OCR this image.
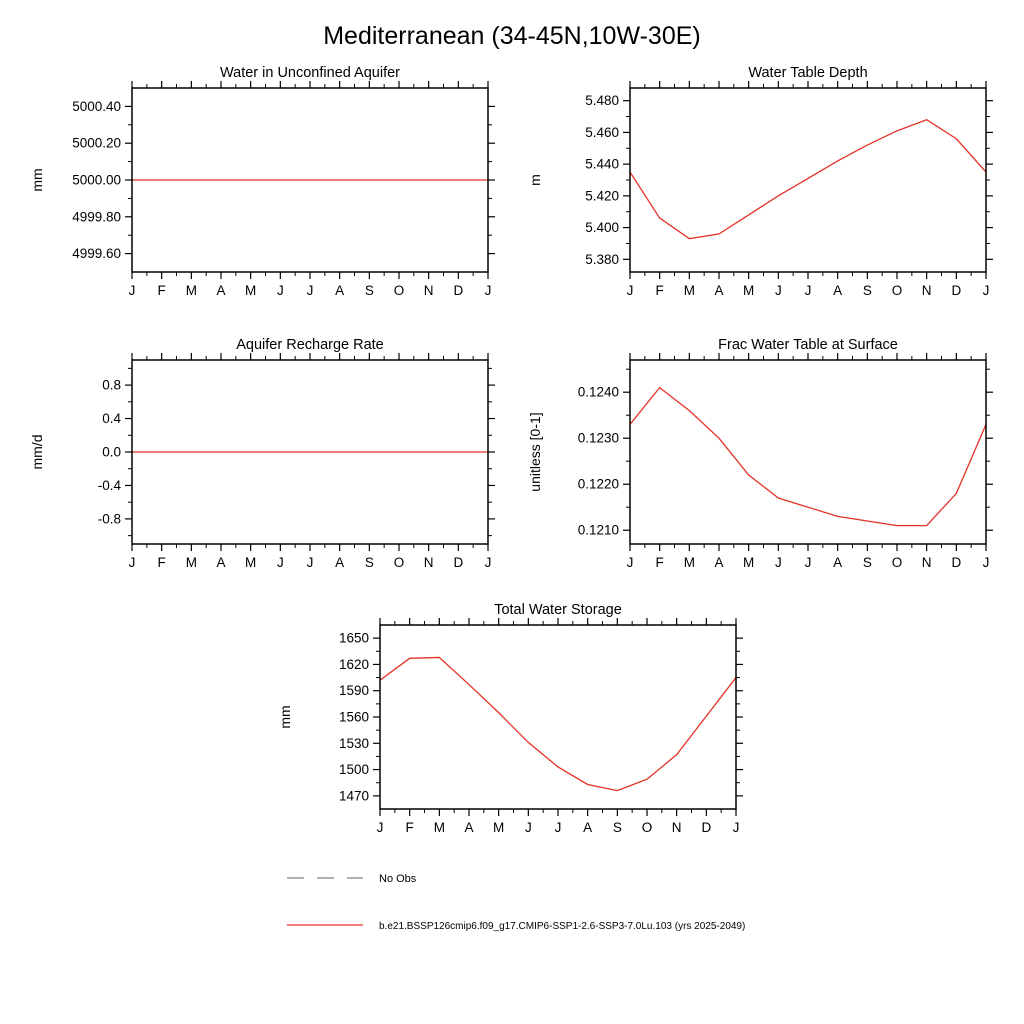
Mediterranean (34-45N,10W-30E)
Water in Unconfined Aquifer
mm
J F M A M J J A S O N D J
4999.60
4999.80
5000.00
5000.20
5000.40
Water Table Depth
m
J F M A M J J A S O N D J
5.380
5.400
5.420
5.440
5.460
5.480
Aquifer Recharge Rate
mm/d
J F M A M J J A S O N D J
-0.8
-0.4
0.0
0.4
0.8
Frac Water Table at Surface
unitless [0-1]
J F M A M J J A S O N D J
0.1210
0.1220
0.1230
0.1240
Total Water Storage
mm
J F M A M J J A S O N D J
1470
1500
1530
1560
1590
1620
1650
No Obs
b.e21.BSSP126cmip6.f09_g17.CMIP6-SSP1-2.6-SSP3-7.0Lu.103 (yrs 2025-2049)
